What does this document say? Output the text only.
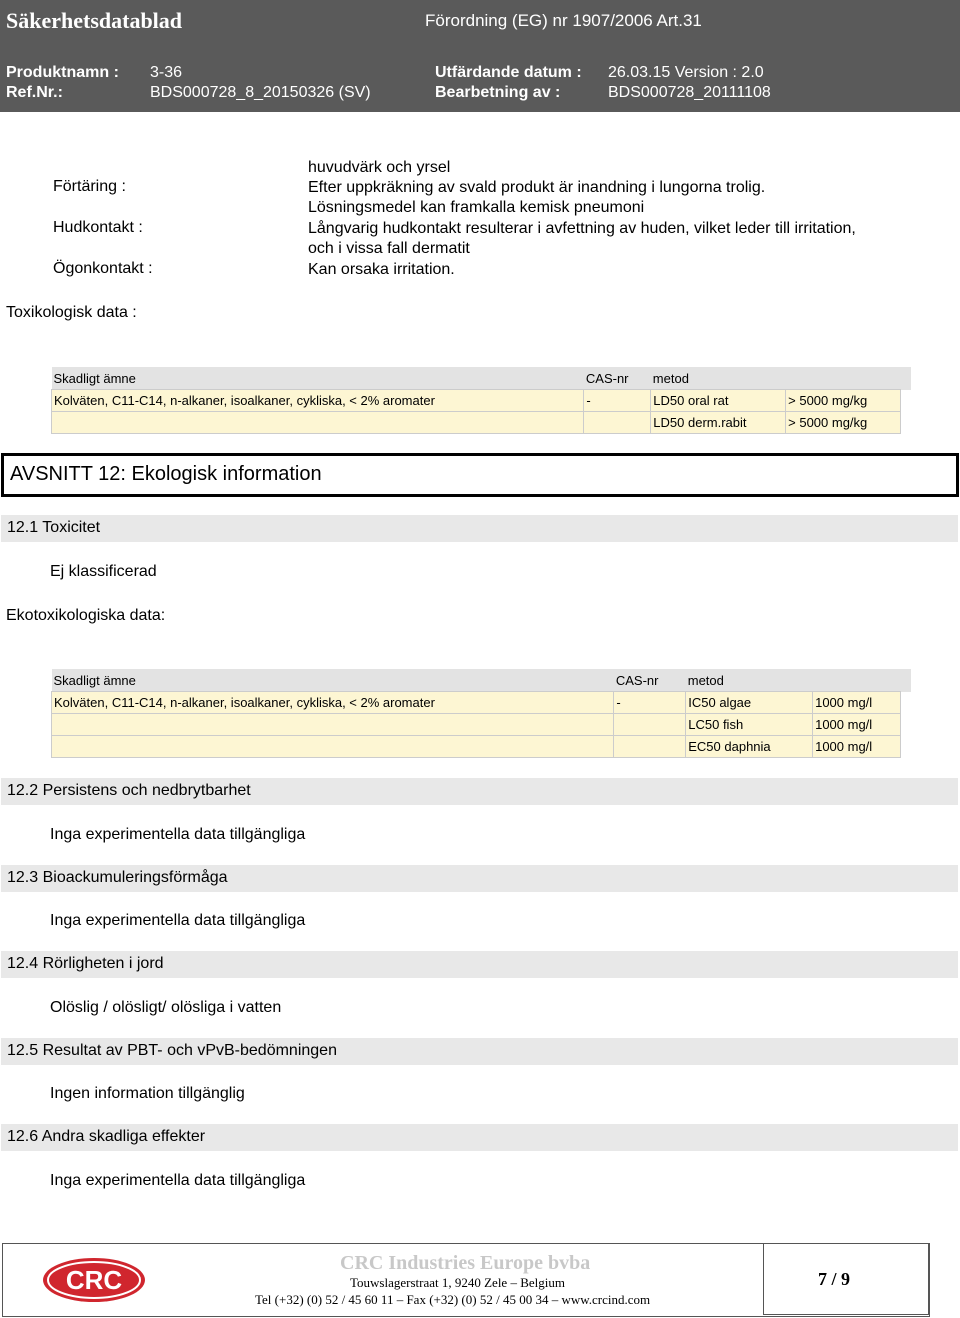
Säkerhetsdatablad	Förordning (EG) nr 1907/2006 Art.31
Produktnamn : 3-36	Utfärdande datum : 26.03.15 Version : 2.0
Ref.Nr.:	BDS000728_8_20150326 (SV)	Bearbetning av :	BDS000728_20111108
huvudvärk och yrsel
Förtäring :	Efter uppkräkning av svald produkt är inandning i lungorna trolig.
Lösningsmedel kan framkalla kemisk pneumoni
Hudkontakt :	Långvarig hudkontakt resulterar i avfettning av huden, vilket leder till irritation,
och i vissa fall dermatit
Ögonkontakt :	Kan orsaka irritation.
Toxikologisk data :
Skadligt ämne	CAS-nr	metod		
Kolväten, C11-C14, n-alkaner, isoalkaner, cykliska, < 2% aromater	-	LD50 oral rat	> 5000 mg/kg	
		LD50 derm.rabit	> 5000 mg/kg	
AVSNITT 12: Ekologisk information
12.1 Toxicitet
Ej klassificerad
Ekotoxikologiska data:
Skadligt ämne	CAS-nr	metod		
Kolväten, C11-C14, n-alkaner, isoalkaner, cykliska, < 2% aromater	-	IC50 algae	1000 mg/l	
		LC50 fish	1000 mg/l	
		EC50 daphnia	1000 mg/l	
12.2 Persistens och nedbrytbarhet
Inga experimentella data tillgängliga
12.3 Bioackumuleringsförmåga
Inga experimentella data tillgängliga
12.4 Rörligheten i jord
Olöslig / olösligt/ olösliga i vatten
12.5 Resultat av PBT- och vPvB-bedömningen
Ingen information tillgänglig
12.6 Andra skadliga effekter
Inga experimentella data tillgängliga
CRC
CRC Industries Europe bvba
Touwslagerstraat 1, 9240 Zele – Belgium
Tel (+32) (0) 52 / 45 60 11 – Fax (+32) (0) 52 / 45 00 34 – www.crcind.com
7 / 9
